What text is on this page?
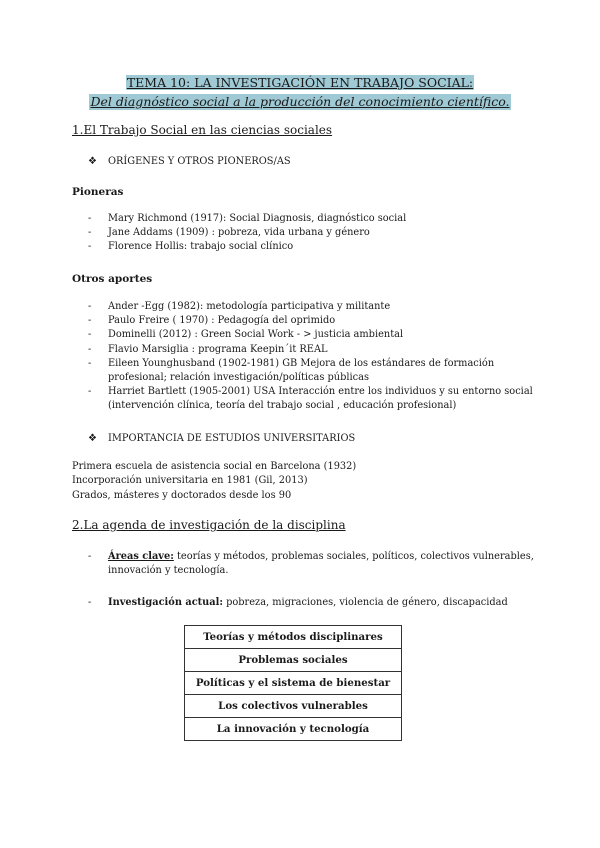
TEMA 10: LA INVESTIGACIÓN EN TRABAJO SOCIAL:
Del diagnóstico social a la producción del conocimiento científico.
1.El Trabajo Social en las ciencias sociales
❖ ORÍGENES Y OTROS PIONEROS/AS
Pioneras
- Mary Richmond (1917): Social Diagnosis, diagnóstico social
- Jane Addams (1909) : pobreza, vida urbana y género
- Florence Hollis: trabajo social clínico
Otros aportes
- Ander -Egg (1982): metodología participativa y militante
- Paulo Freire ( 1970) : Pedagogía del oprimido
- Dominelli (2012) : Green Social Work - > justicia ambiental
- Flavio Marsiglia : programa Keepin´it REAL
- Eileen Younghusband (1902-1981) GB Mejora de los estándares de formación
profesional; relación investigación/políticas públicas
- Harriet Bartlett (1905-2001) USA Interacción entre los individuos y su entorno social
(intervención clínica, teoría del trabajo social , educación profesional)
❖ IMPORTANCIA DE ESTUDIOS UNIVERSITARIOS
Primera escuela de asistencia social en Barcelona (1932)
Incorporación universitaria en 1981 (Gil, 2013)
Grados, másteres y doctorados desde los 90
2.La agenda de investigación de la disciplina
- Áreas clave: teorías y métodos, problemas sociales, políticos, colectivos vulnerables,
innovación y tecnología.
- Investigación actual: pobreza, migraciones, violencia de género, discapacidad
Teorías y métodos disciplinares
Problemas sociales
Políticas y el sistema de bienestar
Los colectivos vulnerables
La innovación y tecnología
